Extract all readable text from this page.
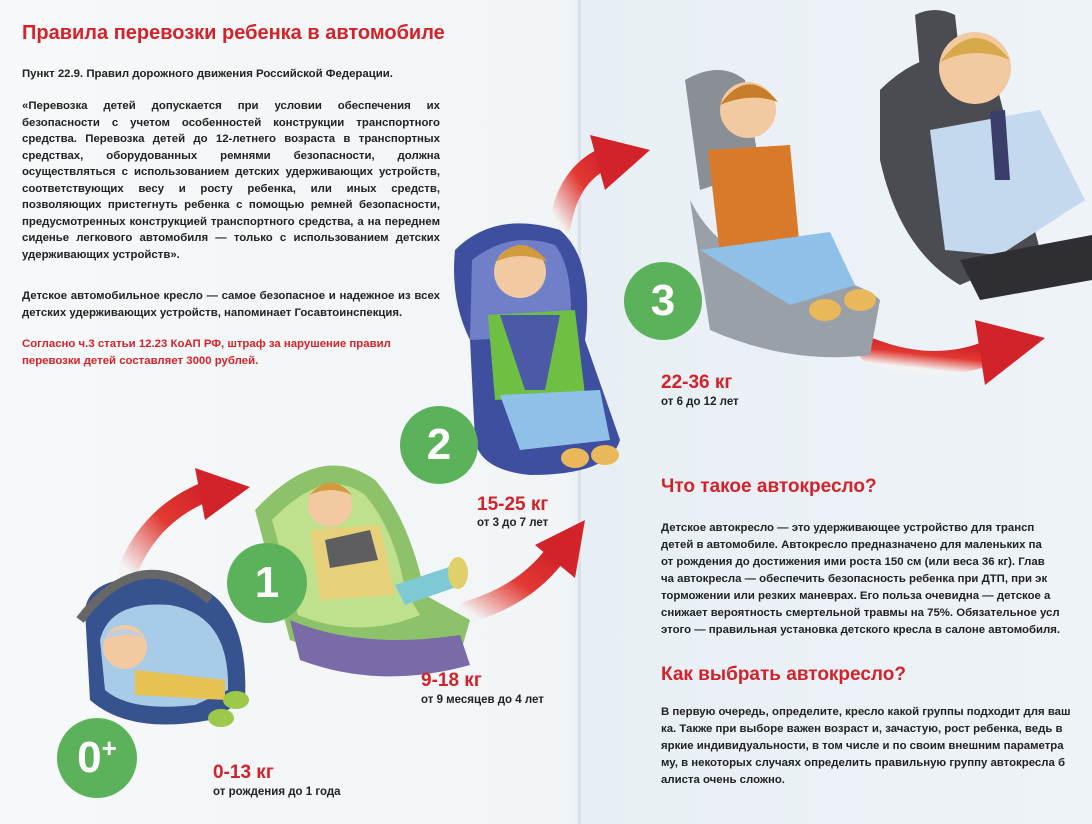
Правила перевозки ребенка в автомобиле
Пункт 22.9. Правил дорожного движения Российской Федерации.
«Перевозка детей допускается при условии обеспечения их безопасности с учетом особенностей конструкции транспортного средства. Перевозка детей до 12-летнего возраста в транспортных средствах, оборудованных ремнями безопасности, должна осуществляться с использованием детских удерживающих устройств, соответствующих весу и росту ребенка, или иных средств, позволяющих пристегнуть ребенка с помощью ремней безопасности, предусмотренных конструкцией транспортного средства, а на переднем сиденье легкового автомобиля — только с использованием детских удерживающих устройств».
Детское автомобильное кресло — самое безопасное и надежное из всех детских удерживающих устройств, напоминает Госавтоинспекция.
Согласно ч.3 статьи 12.23 КоАП РФ, штраф за нарушение правил перевозки детей составляет 3000 рублей.
0+
0-13 кг
от рождения до 1 года
1
9-18 кг
от 9 месяцев до 4 лет
2
15-25 кг
от 3 до 7 лет
3
22-36 кг
от 6 до 12 лет
Что такое автокресло?
Детское автокресло — это удерживающее устройство для трансп
детей в автомобиле. Автокресло предназначено для маленьких па
от рождения до достижения ими роста 150 см (или веса 36 кг). Глав
ча автокресла — обеспечить безопасность ребенка при ДТП, при эк
торможении или резких маневрах. Его польза очевидна — детское а
снижает вероятность смертельной травмы на 75%. Обязательное усл
этого — правильная установка детского кресла в салоне автомобиля.
Как выбрать автокресло?
В первую очередь, определите, кресло какой группы подходит для ваш
ка. Также при выборе важен возраст и, зачастую, рост ребенка, ведь в
яркие индивидуальности, в том числе и по своим внешним параметра
му, в некоторых случаях определить правильную группу автокресла б
алиста очень сложно.
